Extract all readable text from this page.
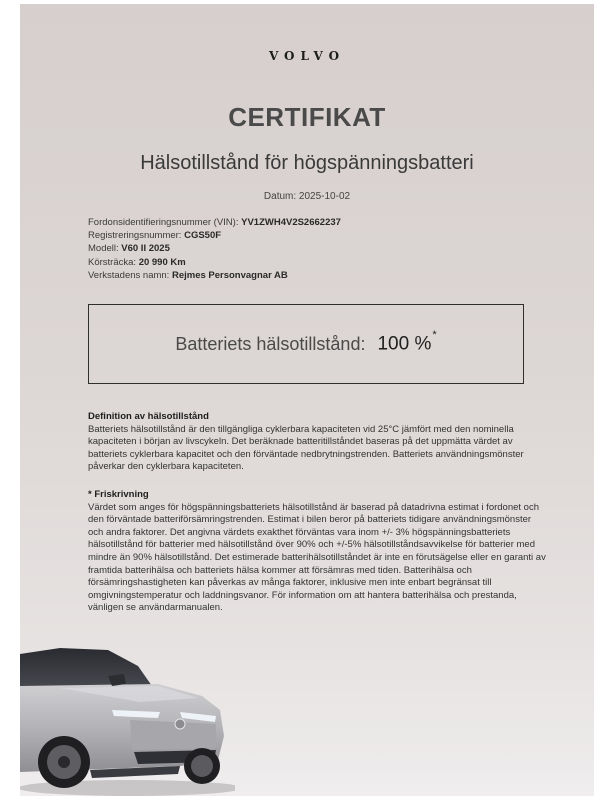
VOLVO
CERTIFIKAT
Hälsotillstånd för högspänningsbatteri
Datum: 2025-10-02
Fordonsidentifieringsnummer (VIN): YV1ZWH4V2S2662237
Registreringsnummer: CGS50F
Modell: V60 II 2025
Körsträcka: 20 990 Km
Verkstadens namn: Rejmes Personvagnar AB
Batteriets hälsotillstånd: 100 %*
Definition av hälsotillstånd
Batteriets hälsotillstånd är den tillgängliga cyklerbara kapaciteten vid 25°C jämfört med den nominella kapaciteten i början av livscykeln. Det beräknade batteritillståndet baseras på det uppmätta värdet av batteriets cyklerbara kapacitet och den förväntade nedbrytningstrenden. Batteriets användningsmönster påverkar den cyklerbara kapaciteten.
* Friskrivning
Värdet som anges för högspänningsbatteriets hälsotillstånd är baserad på datadrivna estimat i fordonet och den förväntade batteriförsämringstrenden. Estimat i bilen beror på batteriets tidigare användningsmönster och andra faktorer. Det angivna värdets exakthet förväntas vara inom +/- 3% högspänningsbatteriets hälsotillstånd för batterier med hälsotillstånd över 90% och +/-5% hälsotillståndsavvikelse för batterier med mindre än 90% hälsotillstånd. Det estimerade batterihälsotillståndet är inte en förutsägelse eller en garanti av framtida batterihälsa och batteriets hälsa kommer att försämras med tiden. Batterihälsa och försämringshastigheten kan påverkas av många faktorer, inklusive men inte enbart begränsat till omgivningstemperatur och laddningsvanor. För information om att hantera batterihälsa och prestanda, vänligen se användarmanualen.
